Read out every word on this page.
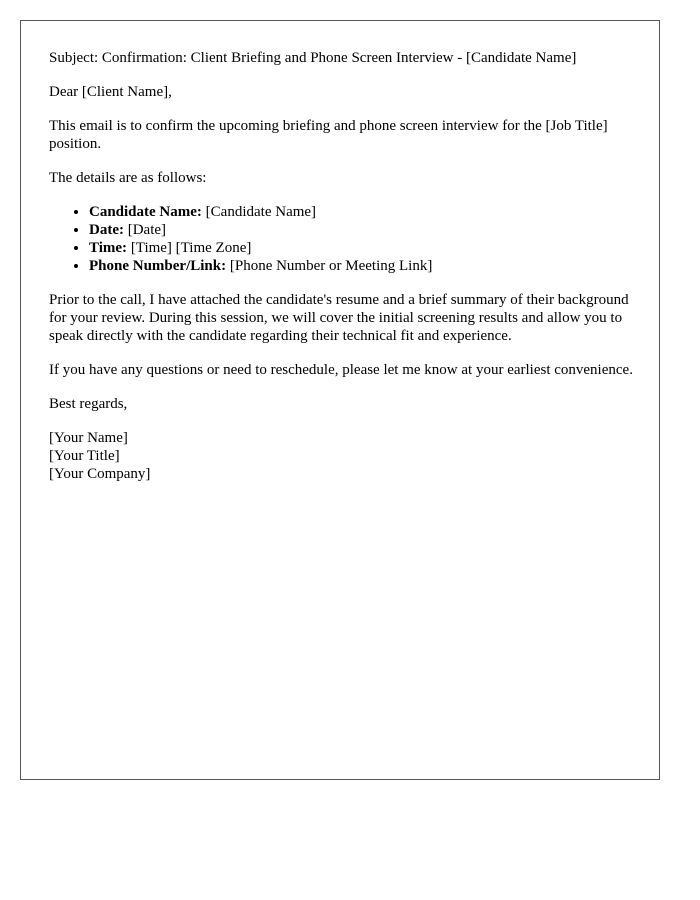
Subject: Confirmation: Client Briefing and Phone Screen Interview - [Candidate Name]

Dear [Client Name],

This email is to confirm the upcoming briefing and phone screen interview for the [Job Title] position.

The details are as follows:

• Candidate Name: [Candidate Name]
• Date: [Date]
• Time: [Time] [Time Zone]
• Phone Number/Link: [Phone Number or Meeting Link]

Prior to the call, I have attached the candidate's resume and a brief summary of their background for your review. During this session, we will cover the initial screening results and allow you to speak directly with the candidate regarding their technical fit and experience.

If you have any questions or need to reschedule, please let me know at your earliest convenience.

Best regards,

[Your Name]
[Your Title]
[Your Company]
